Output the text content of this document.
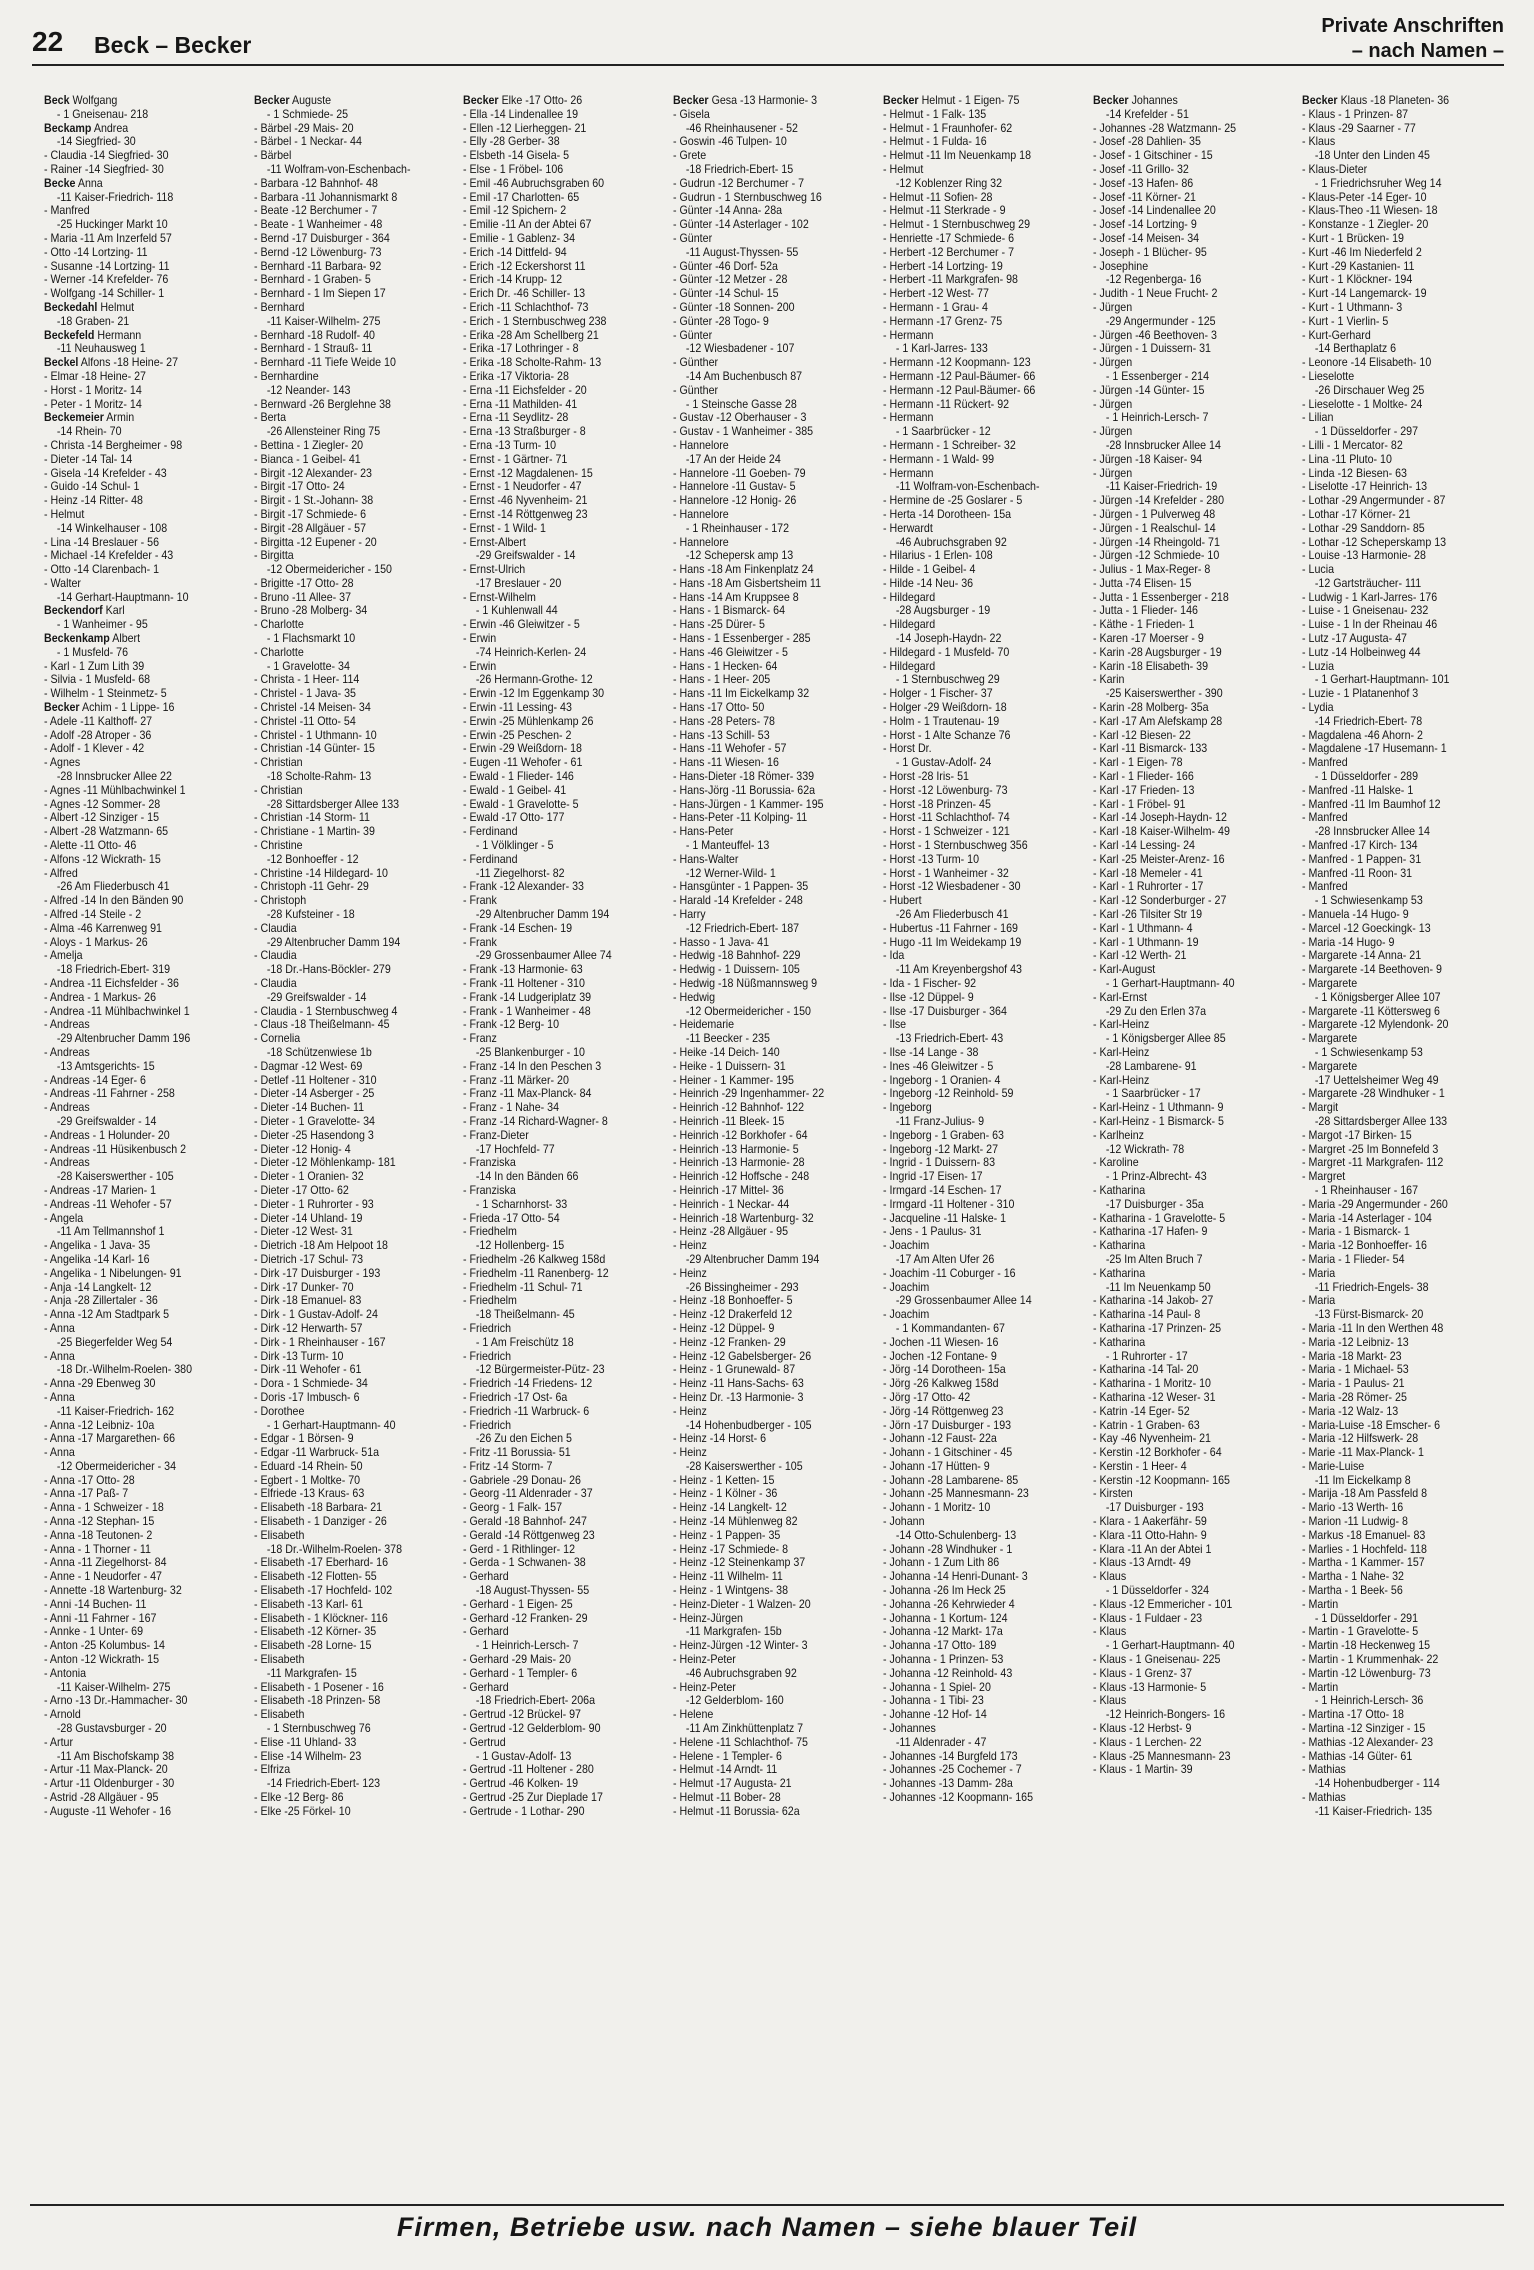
22 Beck – Becker
Private Anschriften
– nach Namen –
Beck Wolfgang
- 1 Gneisenau- 218
Beckamp Andrea
-14 Siegfried- 30
- Claudia -14 Siegfried- 30
- Rainer -14 Siegfried- 30
Becke Anna
-11 Kaiser-Friedrich- 118
- Manfred
-25 Huckinger Markt 10
- Maria -11 Am Inzerfeld 57
- Otto -14 Lortzing- 11
- Susanne -14 Lortzing- 11
- Werner -14 Krefelder- 76
- Wolfgang -14 Schiller- 1
Beckedahl Helmut
-18 Graben- 21
Beckefeld Hermann
-11 Neuhausweg 1
Beckel Alfons -18 Heine- 27
- Elmar -18 Heine- 27
- Horst - 1 Moritz- 14
- Peter - 1 Moritz- 14
Beckemeier Armin
-14 Rhein- 70
- Christa -14 Bergheimer - 98
- Dieter -14 Tal- 14
- Gisela -14 Krefelder - 43
- Guido -14 Schul- 1
- Heinz -14 Ritter- 48
- Helmut
-14 Winkelhauser - 108
- Lina -14 Breslauer - 56
- Michael -14 Krefelder - 43
- Otto -14 Clarenbach- 1
- Walter
-14 Gerhart-Hauptmann- 10
Beckendorf Karl
- 1 Wanheimer - 95
Beckenkamp Albert
- 1 Musfeld- 76
- Karl - 1 Zum Lith 39
- Silvia - 1 Musfeld- 68
- Wilhelm - 1 Steinmetz- 5
Becker Achim - 1 Lippe- 16
- Adele -11 Kalthoff- 27
- Adolf -28 Atroper - 36
- Adolf - 1 Klever - 42
- Agnes
-28 Innsbrucker Allee 22
- Agnes -11 Mühlbachwinkel 1
- Agnes -12 Sommer- 28
- Albert -12 Sinziger - 15
- Albert -28 Watzmann- 65
- Alette -11 Otto- 46
- Alfons -12 Wickrath- 15
- Alfred
-26 Am Fliederbusch 41
- Alfred -14 In den Bänden 90
- Alfred -14 Steile - 2
- Alma -46 Karrenweg 91
- Aloys - 1 Markus- 26
- Amelja
-18 Friedrich-Ebert- 319
- Andrea -11 Eichsfelder - 36
- Andrea - 1 Markus- 26
- Andrea -11 Mühlbachwinkel 1
- Andreas
-29 Altenbrucher Damm 196
- Andreas
-13 Amtsgerichts- 15
- Andreas -14 Eger- 6
- Andreas -11 Fahrner - 258
- Andreas
-29 Greifswalder - 14
- Andreas - 1 Holunder- 20
- Andreas -11 Hüsikenbusch 2
- Andreas
-28 Kaiserswerther - 105
- Andreas -17 Marien- 1
- Andreas -11 Wehofer - 57
- Angela
-11 Am Tellmannshof 1
- Angelika - 1 Java- 35
- Angelika -14 Karl- 16
- Angelika - 1 Nibelungen- 91
- Anja -14 Langkelt- 12
- Anja -28 Zillertaler - 36
- Anna -12 Am Stadtpark 5
- Anna
-25 Biegerfelder Weg 54
- Anna
-18 Dr.-Wilhelm-Roelen- 380
- Anna -29 Ebenweg 30
- Anna
-11 Kaiser-Friedrich- 162
- Anna -12 Leibniz- 10a
- Anna -17 Margarethen- 66
- Anna
-12 Obermeidericher - 34
- Anna -17 Otto- 28
- Anna -17 Paß- 7
- Anna - 1 Schweizer - 18
- Anna -12 Stephan- 15
- Anna -18 Teutonen- 2
- Anna - 1 Thorner - 11
- Anna -11 Ziegelhorst- 84
- Anne - 1 Neudorfer - 47
- Annette -18 Wartenburg- 32
- Anni -14 Buchen- 11
- Anni -11 Fahrner - 167
- Annke - 1 Unter- 69
- Anton -25 Kolumbus- 14
- Anton -12 Wickrath- 15
- Antonia
-11 Kaiser-Wilhelm- 275
- Arno -13 Dr.-Hammacher- 30
- Arnold
-28 Gustavsburger - 20
- Artur
-11 Am Bischofskamp 38
- Artur -11 Max-Planck- 20
- Artur -11 Oldenburger - 30
- Astrid -28 Allgäuer - 95
- Auguste -11 Wehofer - 16
Becker Auguste
- 1 Schmiede- 25
- Bärbel -29 Mais- 20
- Bärbel - 1 Neckar- 44
- Bärbel
-11 Wolfram-von-Eschenbach-
- Barbara -12 Bahnhof- 48
- Barbara -11 Johannismarkt 8
- Beate -12 Berchumer - 7
- Beate - 1 Wanheimer - 48
- Bernd -17 Duisburger - 364
- Bernd -12 Löwenburg- 73
- Bernhard -11 Barbara- 92
- Bernhard - 1 Graben- 5
- Bernhard - 1 Im Siepen 17
- Bernhard
-11 Kaiser-Wilhelm- 275
- Bernhard -18 Rudolf- 40
- Bernhard - 1 Strauß- 11
- Bernhard -11 Tiefe Weide 10
- Bernhardine
-12 Neander- 143
- Bernward -26 Berglehne 38
- Berta
-26 Allensteiner Ring 75
- Bettina - 1 Ziegler- 20
- Bianca - 1 Geibel- 41
- Birgit -12 Alexander- 23
- Birgit -17 Otto- 24
- Birgit - 1 St.-Johann- 38
- Birgit -17 Schmiede- 6
- Birgit -28 Allgäuer - 57
- Birgitta -12 Eupener - 20
- Birgitta
-12 Obermeidericher - 150
- Brigitte -17 Otto- 28
- Bruno -11 Allee- 37
- Bruno -28 Molberg- 34
- Charlotte
- 1 Flachsmarkt 10
- Charlotte
- 1 Gravelotte- 34
- Christa - 1 Heer- 114
- Christel - 1 Java- 35
- Christel -14 Meisen- 34
- Christel -11 Otto- 54
- Christel - 1 Uthmann- 10
- Christian -14 Günter- 15
- Christian
-18 Scholte-Rahm- 13
- Christian
-28 Sittardsberger Allee 133
- Christian -14 Storm- 11
- Christiane - 1 Martin- 39
- Christine
-12 Bonhoeffer - 12
- Christine -14 Hildegard- 10
- Christoph -11 Gehr- 29
- Christoph
-28 Kufsteiner - 18
- Claudia
-29 Altenbrucher Damm 194
- Claudia
-18 Dr.-Hans-Böckler- 279
- Claudia
-29 Greifswalder - 14
- Claudia - 1 Sternbuschweg 4
- Claus -18 Theißelmann- 45
- Cornelia
-18 Schützenwiese 1b
- Dagmar -12 West- 69
- Detlef -11 Holtener - 310
- Dieter -14 Asberger - 25
- Dieter -14 Buchen- 11
- Dieter - 1 Gravelotte- 34
- Dieter -25 Hasendong 3
- Dieter -12 Honig- 4
- Dieter -12 Möhlenkamp- 181
- Dieter - 1 Oranien- 32
- Dieter -17 Otto- 62
- Dieter - 1 Ruhrorter - 93
- Dieter -14 Uhland- 19
- Dieter -12 West- 31
- Dietrich -18 Am Helpoot 18
- Dietrich -17 Schul- 73
- Dirk -17 Duisburger - 193
- Dirk -17 Dunker- 70
- Dirk -18 Emanuel- 83
- Dirk - 1 Gustav-Adolf- 24
- Dirk -12 Herwarth- 57
- Dirk - 1 Rheinhauser - 167
- Dirk -13 Turm- 10
- Dirk -11 Wehofer - 61
- Dora - 1 Schmiede- 34
- Doris -17 Imbusch- 6
- Dorothee
- 1 Gerhart-Hauptmann- 40
- Edgar - 1 Börsen- 9
- Edgar -11 Warbruck- 51a
- Eduard -14 Rhein- 50
- Egbert - 1 Moltke- 70
- Elfriede -13 Kraus- 63
- Elisabeth -18 Barbara- 21
- Elisabeth - 1 Danziger - 26
- Elisabeth
-18 Dr.-Wilhelm-Roelen- 378
- Elisabeth -17 Eberhard- 16
- Elisabeth -12 Flotten- 55
- Elisabeth -17 Hochfeld- 102
- Elisabeth -13 Karl- 61
- Elisabeth - 1 Klöckner- 116
- Elisabeth -12 Körner- 35
- Elisabeth -28 Lorne- 15
- Elisabeth
-11 Markgrafen- 15
- Elisabeth - 1 Posener - 16
- Elisabeth -18 Prinzen- 58
- Elisabeth
- 1 Sternbuschweg 76
- Elise -11 Uhland- 33
- Elise -14 Wilhelm- 23
- Elfriza
-14 Friedrich-Ebert- 123
- Elke -12 Berg- 86
- Elke -25 Förkel- 10
Becker Elke -17 Otto- 26
- Ella -14 Lindenallee 19
- Ellen -12 Lierheggen- 21
- Elly -28 Gerber- 38
- Elsbeth -14 Gisela- 5
- Else - 1 Fröbel- 106
- Emil -46 Aubruchsgraben 60
- Emil -17 Charlotten- 65
- Emil -12 Spichern- 2
- Emilie -11 An der Abtei 67
- Emilie - 1 Gablenz- 34
- Erich -14 Dittfeld- 94
- Erich -12 Eckershorst 11
- Erich -14 Krupp- 12
- Erich Dr. -46 Schiller- 13
- Erich -11 Schlachthof- 73
- Erich - 1 Sternbuschweg 238
- Erika -28 Am Schellberg 21
- Erika -17 Lothringer - 8
- Erika -18 Scholte-Rahm- 13
- Erika -17 Viktoria- 28
- Erna -11 Eichsfelder - 20
- Erna -11 Mathilden- 41
- Erna -11 Seydlitz- 28
- Erna -13 Straßburger - 8
- Erna -13 Turm- 10
- Ernst - 1 Gärtner- 71
- Ernst -12 Magdalenen- 15
- Ernst - 1 Neudorfer - 47
- Ernst -46 Nyvenheim- 21
- Ernst -14 Röttgenweg 23
- Ernst - 1 Wild- 1
- Ernst-Albert
-29 Greifswalder - 14
- Ernst-Ulrich
-17 Breslauer - 20
- Ernst-Wilhelm
- 1 Kuhlenwall 44
- Erwin -46 Gleiwitzer - 5
- Erwin
-74 Heinrich-Kerlen- 24
- Erwin
-26 Hermann-Grothe- 12
- Erwin -12 Im Eggenkamp 30
- Erwin -11 Lessing- 43
- Erwin -25 Mühlenkamp 26
- Erwin -25 Peschen- 2
- Erwin -29 Weißdorn- 18
- Eugen -11 Wehofer - 61
- Ewald - 1 Flieder- 146
- Ewald - 1 Geibel- 41
- Ewald - 1 Gravelotte- 5
- Ewald -17 Otto- 177
- Ferdinand
- 1 Völklinger - 5
- Ferdinand
-11 Ziegelhorst- 82
- Frank -12 Alexander- 33
- Frank
-29 Altenbrucher Damm 194
- Frank -14 Eschen- 19
- Frank
-29 Grossenbaumer Allee 74
- Frank -13 Harmonie- 63
- Frank -11 Holtener - 310
- Frank -14 Ludgeriplatz 39
- Frank - 1 Wanheimer - 48
- Frank -12 Berg- 10
- Franz
-25 Blankenburger - 10
- Franz -14 In den Peschen 3
- Franz -11 Märker- 20
- Franz -11 Max-Planck- 84
- Franz - 1 Nahe- 34
- Franz -14 Richard-Wagner- 8
- Franz-Dieter
-17 Hochfeld- 77
- Franziska
-14 In den Bänden 66
- Franziska
- 1 Scharnhorst- 33
- Frieda -17 Otto- 54
- Friedhelm
-12 Hollenberg- 15
- Friedhelm -26 Kalkweg 158d
- Friedhelm -11 Ranenberg- 12
- Friedhelm -11 Schul- 71
- Friedhelm
-18 Theißelmann- 45
- Friedrich
- 1 Am Freischütz 18
- Friedrich
-12 Bürgermeister-Pütz- 23
- Friedrich -14 Friedens- 12
- Friedrich -17 Ost- 6a
- Friedrich -11 Warbruck- 6
- Friedrich
-26 Zu den Eichen 5
- Fritz -11 Borussia- 51
- Fritz -14 Storm- 7
- Gabriele -29 Donau- 26
- Georg -11 Aldenrader - 37
- Georg - 1 Falk- 157
- Gerald -18 Bahnhof- 247
- Gerald -14 Röttgenweg 23
- Gerd - 1 Rithlinger- 12
- Gerda - 1 Schwanen- 38
- Gerhard
-18 August-Thyssen- 55
- Gerhard - 1 Eigen- 25
- Gerhard -12 Franken- 29
- Gerhard
- 1 Heinrich-Lersch- 7
- Gerhard -29 Mais- 20
- Gerhard - 1 Templer- 6
- Gerhard
-18 Friedrich-Ebert- 206a
- Gertrud -12 Brückel- 97
- Gertrud -12 Gelderblom- 90
- Gertrud
- 1 Gustav-Adolf- 13
- Gertrud -11 Holtener - 280
- Gertrud -46 Kolken- 19
- Gertrud -25 Zur Dieplade 17
- Gertrude - 1 Lothar- 290
Becker Gesa -13 Harmonie- 3
- Gisela
-46 Rheinhausener - 52
- Goswin -46 Tulpen- 10
- Grete
-18 Friedrich-Ebert- 15
- Gudrun -12 Berchumer - 7
- Gudrun - 1 Sternbuschweg 16
- Günter -14 Anna- 28a
- Günter -14 Asterlager - 102
- Günter
-11 August-Thyssen- 55
- Günter -46 Dorf- 52a
- Günter -12 Metzer - 28
- Günter -14 Schul- 15
- Günter -18 Sonnen- 200
- Günter -28 Togo- 9
- Günter
-12 Wiesbadener - 107
- Günther
-14 Am Buchenbusch 87
- Günther
- 1 Steinsche Gasse 28
- Gustav -12 Oberhauser - 3
- Gustav - 1 Wanheimer - 385
- Hannelore
-17 An der Heide 24
- Hannelore -11 Goeben- 79
- Hannelore -11 Gustav- 5
- Hannelore -12 Honig- 26
- Hannelore
- 1 Rheinhauser - 172
- Hannelore
-12 Schepersk amp 13
- Hans -18 Am Finkenplatz 24
- Hans -18 Am Gisbertsheim 11
- Hans -14 Am Kruppsee 8
- Hans - 1 Bismarck- 64
- Hans -25 Dürer- 5
- Hans - 1 Essenberger - 285
- Hans -46 Gleiwitzer - 5
- Hans - 1 Hecken- 64
- Hans - 1 Heer- 205
- Hans -11 Im Eickelkamp 32
- Hans -17 Otto- 50
- Hans -28 Peters- 78
- Hans -13 Schill- 53
- Hans -11 Wehofer - 57
- Hans -11 Wiesen- 16
- Hans-Dieter -18 Römer- 339
- Hans-Jörg -11 Borussia- 62a
- Hans-Jürgen - 1 Kammer- 195
- Hans-Peter -11 Kolping- 11
- Hans-Peter
- 1 Manteuffel- 13
- Hans-Walter
-12 Werner-Wild- 1
- Hansgünter - 1 Pappen- 35
- Harald -14 Krefelder - 248
- Harry
-12 Friedrich-Ebert- 187
- Hasso - 1 Java- 41
- Hedwig -18 Bahnhof- 229
- Hedwig - 1 Duissern- 105
- Hedwig -18 Nüßmannsweg 9
- Hedwig
-12 Obermeidericher - 150
- Heidemarie
-11 Beecker - 235
- Heike -14 Deich- 140
- Heike - 1 Duissern- 31
- Heiner - 1 Kammer- 195
- Heinrich -29 Ingenhammer- 22
- Heinrich -12 Bahnhof- 122
- Heinrich -11 Bleek- 15
- Heinrich -12 Borkhofer - 64
- Heinrich -13 Harmonie- 5
- Heinrich -13 Harmonie- 28
- Heinrich -12 Hoffsche - 248
- Heinrich -17 Mittel- 36
- Heinrich - 1 Neckar- 44
- Heinrich -18 Wartenburg- 32
- Heinz -28 Allgäuer - 95
- Heinz
-29 Altenbrucher Damm 194
- Heinz
-26 Bissingheimer - 293
- Heinz -18 Bonhoeffer- 5
- Heinz -12 Drakerfeld 12
- Heinz -12 Düppel- 9
- Heinz -12 Franken- 29
- Heinz -12 Gabelsberger- 26
- Heinz - 1 Grunewald- 87
- Heinz -11 Hans-Sachs- 63
- Heinz Dr. -13 Harmonie- 3
- Heinz
-14 Hohenbudberger - 105
- Heinz -14 Horst- 6
- Heinz
-28 Kaiserswerther - 105
- Heinz - 1 Ketten- 15
- Heinz - 1 Kölner - 36
- Heinz -14 Langkelt- 12
- Heinz -14 Mühlenweg 82
- Heinz - 1 Pappen- 35
- Heinz -17 Schmiede- 8
- Heinz -12 Steinenkamp 37
- Heinz -11 Wilhelm- 11
- Heinz - 1 Wintgens- 38
- Heinz-Dieter - 1 Walzen- 20
- Heinz-Jürgen
-11 Markgrafen- 15b
- Heinz-Jürgen -12 Winter- 3
- Heinz-Peter
-46 Aubruchsgraben 92
- Heinz-Peter
-12 Gelderblom- 160
- Helene
-11 Am Zinkhüttenplatz 7
- Helene -11 Schlachthof- 75
- Helene - 1 Templer- 6
- Helmut -14 Arndt- 11
- Helmut -17 Augusta- 21
- Helmut -11 Bober- 28
- Helmut -11 Borussia- 62a
Becker Helmut - 1 Eigen- 75
- Helmut - 1 Falk- 135
- Helmut - 1 Fraunhofer- 62
- Helmut - 1 Fulda- 16
- Helmut -11 Im Neuenkamp 18
- Helmut
-12 Koblenzer Ring 32
- Helmut -11 Sofien- 28
- Helmut -11 Sterkrade - 9
- Helmut - 1 Sternbuschweg 29
- Henriette -17 Schmiede- 6
- Herbert -12 Berchumer - 7
- Herbert -14 Lortzing- 19
- Herbert -11 Markgrafen- 98
- Herbert -12 West- 77
- Hermann - 1 Grau- 4
- Hermann -17 Grenz- 75
- Hermann
- 1 Karl-Jarres- 133
- Hermann -12 Koopmann- 123
- Hermann -12 Paul-Bäumer- 66
- Hermann -12 Paul-Bäumer- 66
- Hermann -11 Rückert- 92
- Hermann
- 1 Saarbrücker - 12
- Hermann - 1 Schreiber- 32
- Hermann - 1 Wald- 99
- Hermann
-11 Wolfram-von-Eschenbach-
- Hermine de -25 Goslarer - 5
- Herta -14 Dorotheen- 15a
- Herwardt
-46 Aubruchsgraben 92
- Hilarius - 1 Erlen- 108
- Hilde - 1 Geibel- 4
- Hilde -14 Neu- 36
- Hildegard
-28 Augsburger - 19
- Hildegard
-14 Joseph-Haydn- 22
- Hildegard - 1 Musfeld- 70
- Hildegard
- 1 Sternbuschweg 29
- Holger - 1 Fischer- 37
- Holger -29 Weißdorn- 18
- Holm - 1 Trautenau- 19
- Horst - 1 Alte Schanze 76
- Horst Dr.
- 1 Gustav-Adolf- 24
- Horst -28 Iris- 51
- Horst -12 Löwenburg- 73
- Horst -18 Prinzen- 45
- Horst -11 Schlachthof- 74
- Horst - 1 Schweizer - 121
- Horst - 1 Sternbuschweg 356
- Horst -13 Turm- 10
- Horst - 1 Wanheimer - 32
- Horst -12 Wiesbadener - 30
- Hubert
-26 Am Fliederbusch 41
- Hubertus -11 Fahrner - 169
- Hugo -11 Im Weidekamp 19
- Ida
-11 Am Kreyenbergshof 43
- Ida - 1 Fischer- 92
- Ilse -12 Düppel- 9
- Ilse -17 Duisburger - 364
- Ilse
-13 Friedrich-Ebert- 43
- Ilse -14 Lange - 38
- Ines -46 Gleiwitzer - 5
- Ingeborg - 1 Oranien- 4
- Ingeborg -12 Reinhold- 59
- Ingeborg
-11 Franz-Julius- 9
- Ingeborg - 1 Graben- 63
- Ingeborg -12 Markt- 27
- Ingrid - 1 Duissern- 83
- Ingrid -17 Eisen- 17
- Irmgard -14 Eschen- 17
- Irmgard -11 Holtener - 310
- Jacqueline -11 Halske- 1
- Jens - 1 Paulus- 31
- Joachim
-17 Am Alten Ufer 26
- Joachim -11 Coburger - 16
- Joachim
-29 Grossenbaumer Allee 14
- Joachim
- 1 Kommandanten- 67
- Jochen -11 Wiesen- 16
- Jochen -12 Fontane- 9
- Jörg -14 Dorotheen- 15a
- Jörg -26 Kalkweg 158d
- Jörg -17 Otto- 42
- Jörg -14 Röttgenweg 23
- Jörn -17 Duisburger - 193
- Johann -12 Faust- 22a
- Johann - 1 Gitschiner - 45
- Johann -17 Hütten- 9
- Johann -28 Lambarene- 85
- Johann -25 Mannesmann- 23
- Johann - 1 Moritz- 10
- Johann
-14 Otto-Schulenberg- 13
- Johann -28 Windhuker - 1
- Johann - 1 Zum Lith 86
- Johanna -14 Henri-Dunant- 3
- Johanna -26 Im Heck 25
- Johanna -26 Kehrwieder 4
- Johanna - 1 Kortum- 124
- Johanna -12 Markt- 17a
- Johanna -17 Otto- 189
- Johanna - 1 Prinzen- 53
- Johanna -12 Reinhold- 43
- Johanna - 1 Spiel- 20
- Johanna - 1 Tibi- 23
- Johanne -12 Hof- 14
- Johannes
-11 Aldenrader - 47
- Johannes -14 Burgfeld 173
- Johannes -25 Cochemer - 7
- Johannes -13 Damm- 28a
- Johannes -12 Koopmann- 165
Becker Johannes
-14 Krefelder - 51
- Johannes -28 Watzmann- 25
- Josef -28 Dahlien- 35
- Josef - 1 Gitschiner - 15
- Josef -11 Grillo- 32
- Josef -13 Hafen- 86
- Josef -11 Körner- 21
- Josef -14 Lindenallee 20
- Josef -14 Lortzing- 9
- Josef -14 Meisen- 34
- Joseph - 1 Blücher- 95
- Josephine
-12 Regenberga- 16
- Judith - 1 Neue Frucht- 2
- Jürgen
-29 Angermunder - 125
- Jürgen -46 Beethoven- 3
- Jürgen - 1 Duissern- 31
- Jürgen
- 1 Essenberger - 214
- Jürgen -14 Günter- 15
- Jürgen
- 1 Heinrich-Lersch- 7
- Jürgen
-28 Innsbrucker Allee 14
- Jürgen -18 Kaiser- 94
- Jürgen
-11 Kaiser-Friedrich- 19
- Jürgen -14 Krefelder - 280
- Jürgen - 1 Pulverweg 48
- Jürgen - 1 Realschul- 14
- Jürgen -14 Rheingold- 71
- Jürgen -12 Schmiede- 10
- Julius - 1 Max-Reger- 8
- Jutta -74 Elisen- 15
- Jutta - 1 Essenberger - 218
- Jutta - 1 Flieder- 146
- Käthe - 1 Frieden- 1
- Karen -17 Moerser - 9
- Karin -28 Augsburger - 19
- Karin -18 Elisabeth- 39
- Karin
-25 Kaiserswerther - 390
- Karin -28 Molberg- 35a
- Karl -17 Am Alefskamp 28
- Karl -12 Biesen- 22
- Karl -11 Bismarck- 133
- Karl - 1 Eigen- 78
- Karl - 1 Flieder- 166
- Karl -17 Frieden- 13
- Karl - 1 Fröbel- 91
- Karl -14 Joseph-Haydn- 12
- Karl -18 Kaiser-Wilhelm- 49
- Karl -14 Lessing- 24
- Karl -25 Meister-Arenz- 16
- Karl -18 Memeler - 41
- Karl - 1 Ruhrorter - 17
- Karl -12 Sonderburger - 27
- Karl -26 Tilsiter Str 19
- Karl - 1 Uthmann- 4
- Karl - 1 Uthmann- 19
- Karl -12 Werth- 21
- Karl-August
- 1 Gerhart-Hauptmann- 40
- Karl-Ernst
-29 Zu den Erlen 37a
- Karl-Heinz
- 1 Königsberger Allee 85
- Karl-Heinz
-28 Lambarene- 91
- Karl-Heinz
- 1 Saarbrücker - 17
- Karl-Heinz - 1 Uthmann- 9
- Karl-Heinz - 1 Bismarck- 5
- Karlheinz
-12 Wickrath- 78
- Karoline
- 1 Prinz-Albrecht- 43
- Katharina
-17 Duisburger - 35a
- Katharina - 1 Gravelotte- 5
- Katharina -17 Hafen- 9
- Katharina
-25 Im Alten Bruch 7
- Katharina
-11 Im Neuenkamp 50
- Katharina -14 Jakob- 27
- Katharina -14 Paul- 8
- Katharina -17 Prinzen- 25
- Katharina
- 1 Ruhrorter - 17
- Katharina -14 Tal- 20
- Katharina - 1 Moritz- 10
- Katharina -12 Weser- 31
- Katrin -14 Eger- 52
- Katrin - 1 Graben- 63
- Kay -46 Nyvenheim- 21
- Kerstin -12 Borkhofer - 64
- Kerstin - 1 Heer- 4
- Kerstin -12 Koopmann- 165
- Kirsten
-17 Duisburger - 193
- Klara - 1 Aakerfähr- 59
- Klara -11 Otto-Hahn- 9
- Klara -11 An der Abtei 1
- Klaus -13 Arndt- 49
- Klaus
- 1 Düsseldorfer - 324
- Klaus -12 Emmericher - 101
- Klaus - 1 Fuldaer - 23
- Klaus
- 1 Gerhart-Hauptmann- 40
- Klaus - 1 Gneisenau- 225
- Klaus - 1 Grenz- 37
- Klaus -13 Harmonie- 5
- Klaus
-12 Heinrich-Bongers- 16
- Klaus -12 Herbst- 9
- Klaus - 1 Lerchen- 22
- Klaus -25 Mannesmann- 23
- Klaus - 1 Martin- 39
Becker Klaus -18 Planeten- 36
- Klaus - 1 Prinzen- 87
- Klaus -29 Saarner - 77
- Klaus
-18 Unter den Linden 45
- Klaus-Dieter
- 1 Friedrichsruher Weg 14
- Klaus-Peter -14 Eger- 10
- Klaus-Theo -11 Wiesen- 18
- Konstanze - 1 Ziegler- 20
- Kurt - 1 Brücken- 19
- Kurt -46 Im Niederfeld 2
- Kurt -29 Kastanien- 11
- Kurt - 1 Klöckner- 194
- Kurt -14 Langemarck- 19
- Kurt - 1 Uthmann- 3
- Kurt - 1 Vierlin- 5
- Kurt-Gerhard
-14 Berthaplatz 6
- Leonore -14 Elisabeth- 10
- Lieselotte
-26 Dirschauer Weg 25
- Lieselotte - 1 Moltke- 24
- Lilian
- 1 Düsseldorfer - 297
- Lilli - 1 Mercator- 82
- Lina -11 Pluto- 10
- Linda -12 Biesen- 63
- Liselotte -17 Heinrich- 13
- Lothar -29 Angermunder - 87
- Lothar -17 Körner- 21
- Lothar -29 Sanddorn- 85
- Lothar -12 Scheperskamp 13
- Louise -13 Harmonie- 28
- Lucia
-12 Gartsträucher- 111
- Ludwig - 1 Karl-Jarres- 176
- Luise - 1 Gneisenau- 232
- Luise - 1 In der Rheinau 46
- Lutz -17 Augusta- 47
- Lutz -14 Holbeinweg 44
- Luzia
- 1 Gerhart-Hauptmann- 101
- Luzie - 1 Platanenhof 3
- Lydia
-14 Friedrich-Ebert- 78
- Magdalena -46 Ahorn- 2
- Magdalene -17 Husemann- 1
- Manfred
- 1 Düsseldorfer - 289
- Manfred -11 Halske- 1
- Manfred -11 Im Baumhof 12
- Manfred
-28 Innsbrucker Allee 14
- Manfred -17 Kirch- 134
- Manfred - 1 Pappen- 31
- Manfred -11 Roon- 31
- Manfred
- 1 Schwiesenkamp 53
- Manuela -14 Hugo- 9
- Marcel -12 Goeckingk- 13
- Maria -14 Hugo- 9
- Margarete -14 Anna- 21
- Margarete -14 Beethoven- 9
- Margarete
- 1 Königsberger Allee 107
- Margarete -11 Köttersweg 6
- Margarete -12 Mylendonk- 20
- Margarete
- 1 Schwiesenkamp 53
- Margarete
-17 Uettelsheimer Weg 49
- Margarete -28 Windhuker - 1
- Margit
-28 Sittardsberger Allee 133
- Margot -17 Birken- 15
- Margret -25 Im Bonnefeld 3
- Margret -11 Markgrafen- 112
- Margret
- 1 Rheinhauser - 167
- Maria -29 Angermunder - 260
- Maria -14 Asterlager - 104
- Maria - 1 Bismarck- 1
- Maria -12 Bonhoeffer- 16
- Maria - 1 Flieder- 54
- Maria
-11 Friedrich-Engels- 38
- Maria
-13 Fürst-Bismarck- 20
- Maria -11 In den Werthen 48
- Maria -12 Leibniz- 13
- Maria -18 Markt- 23
- Maria - 1 Michael- 53
- Maria - 1 Paulus- 21
- Maria -28 Römer- 25
- Maria -12 Walz- 13
- Maria-Luise -18 Emscher- 6
- Maria -12 Hilfswerk- 28
- Marie -11 Max-Planck- 1
- Marie-Luise
-11 Im Eickelkamp 8
- Marija -18 Am Passfeld 8
- Mario -13 Werth- 16
- Marion -11 Ludwig- 8
- Markus -18 Emanuel- 83
- Marlies - 1 Hochfeld- 118
- Martha - 1 Kammer- 157
- Martha - 1 Nahe- 32
- Martha - 1 Beek- 56
- Martin
- 1 Düsseldorfer - 291
- Martin - 1 Gravelotte- 5
- Martin -18 Heckenweg 15
- Martin - 1 Krummenhak- 22
- Martin -12 Löwenburg- 73
- Martin
- 1 Heinrich-Lersch- 36
- Martina -17 Otto- 18
- Martina -12 Sinziger - 15
- Mathias -12 Alexander- 23
- Mathias -14 Güter- 61
- Mathias
-14 Hohenbudberger - 114
- Mathias
-11 Kaiser-Friedrich- 135
Firmen, Betriebe usw. nach Namen – siehe blauer Teil
